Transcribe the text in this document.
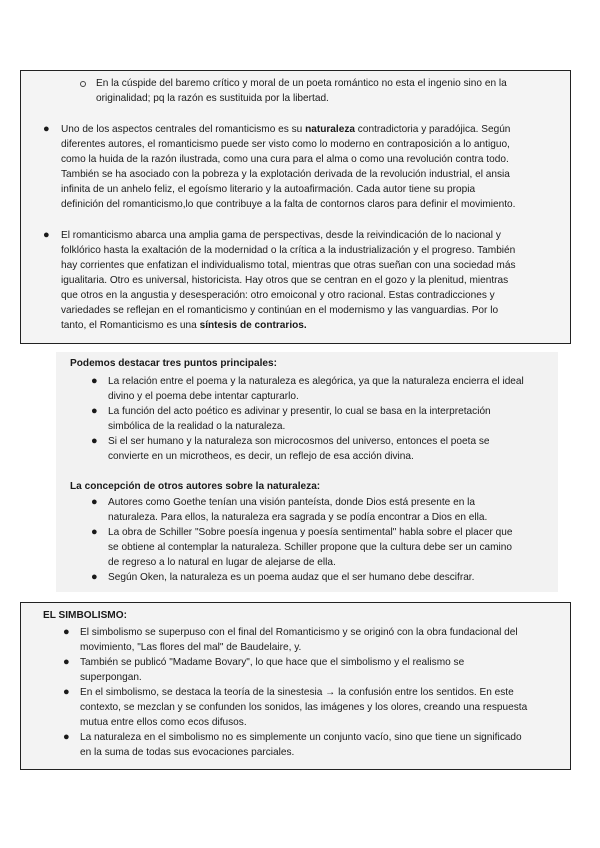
En la cúspide del baremo crítico y moral de un poeta romántico no esta el ingenio sino en la
originalidad; pq la razón es sustituida por la libertad.
● Uno de los aspectos centrales del romanticismo es su naturaleza contradictoria y paradójica. Según
diferentes autores, el romanticismo puede ser visto como lo moderno en contraposición a lo antiguo,
como la huida de la razón ilustrada, como una cura para el alma o como una revolución contra todo.
También se ha asociado con la pobreza y la explotación derivada de la revolución industrial, el ansia
infinita de un anhelo feliz, el egoísmo literario y la autoafirmación. Cada autor tiene su propia
definición del romanticismo,lo que contribuye a la falta de contornos claros para definir el movimiento.
● El romanticismo abarca una amplia gama de perspectivas, desde la reivindicación de lo nacional y
folklórico hasta la exaltación de la modernidad o la crítica a la industrialización y el progreso. También
hay corrientes que enfatizan el individualismo total, mientras que otras sueñan con una sociedad más
igualitaria. Otro es universal, historicista. Hay otros que se centran en el gozo y la plenitud, mientras
que otros en la angustia y desesperación: otro emoiconal y otro racional. Estas contradicciones y
variedades se reflejan en el romanticismo y continúan en el modernismo y las vanguardias. Por lo
tanto, el Romanticismo es una síntesis de contrarios.
Podemos destacar tres puntos principales:
● La relación entre el poema y la naturaleza es alegórica, ya que la naturaleza encierra el ideal
divino y el poema debe intentar capturarlo.
● La función del acto poético es adivinar y presentir, lo cual se basa en la interpretación
simbólica de la realidad o la naturaleza.
● Si el ser humano y la naturaleza son microcosmos del universo, entonces el poeta se
convierte en un microtheos, es decir, un reflejo de esa acción divina.
La concepción de otros autores sobre la naturaleza:
● Autores como Goethe tenían una visión panteísta, donde Dios está presente en la
naturaleza. Para ellos, la naturaleza era sagrada y se podía encontrar a Dios en ella.
● La obra de Schiller "Sobre poesía ingenua y poesía sentimental" habla sobre el placer que
se obtiene al contemplar la naturaleza. Schiller propone que la cultura debe ser un camino
de regreso a lo natural en lugar de alejarse de ella.
● Según Oken, la naturaleza es un poema audaz que el ser humano debe descifrar.
EL SIMBOLISMO:
● El simbolismo se superpuso con el final del Romanticismo y se originó con la obra fundacional del
movimiento, "Las flores del mal" de Baudelaire, y.
● También se publicó "Madame Bovary", lo que hace que el simbolismo y el realismo se
superpongan.
● En el simbolismo, se destaca la teoría de la sinestesia → la confusión entre los sentidos. En este
contexto, se mezclan y se confunden los sonidos, las imágenes y los olores, creando una respuesta
mutua entre ellos como ecos difusos.
● La naturaleza en el simbolismo no es simplemente un conjunto vacío, sino que tiene un significado
en la suma de todas sus evocaciones parciales.
